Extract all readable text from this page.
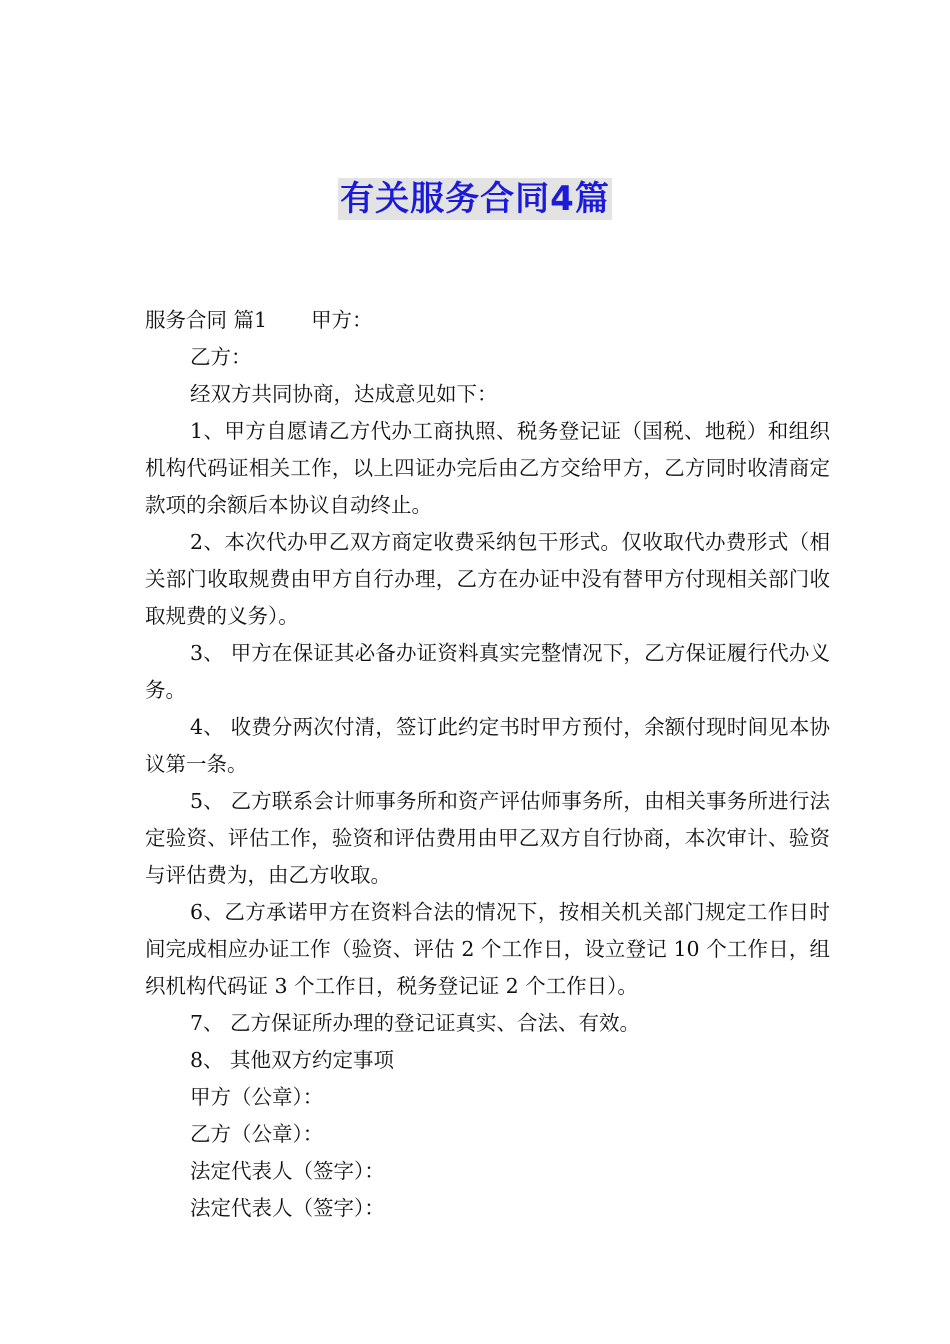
有关服务合同4篇

服务合同 篇1 甲方：

乙方：

经双方共同协商，达成意见如下：

1、甲方自愿请乙方代办工商执照、税务登记证（国税、地税）和组织机构代码证相关工作，以上四证办完后由乙方交给甲方，乙方同时收清商定款项的余额后本协议自动终止。

2、本次代办甲乙双方商定收费采纳包干形式。仅收取代办费形式（相关部门收取规费由甲方自行办理，乙方在办证中没有替甲方付现相关部门收取规费的义务）。

3、 甲方在保证其必备办证资料真实完整情况下，乙方保证履行代办义务。

4、 收费分两次付清，签订此约定书时甲方预付，余额付现时间见本协议第一条。

5、 乙方联系会计师事务所和资产评估师事务所，由相关事务所进行法定验资、评估工作，验资和评估费用由甲乙双方自行协商，本次审计、验资与评估费为，由乙方收取。

6、乙方承诺甲方在资料合法的情况下，按相关机关部门规定工作日时间完成相应办证工作（验资、评估 2 个工作日，设立登记 10 个工作日，组织机构代码证 3 个工作日，税务登记证 2 个工作日）。

7、 乙方保证所办理的登记证真实、合法、有效。

8、 其他双方约定事项

甲方（公章）：

乙方（公章）：

法定代表人（签字）：

法定代表人（签字）：
